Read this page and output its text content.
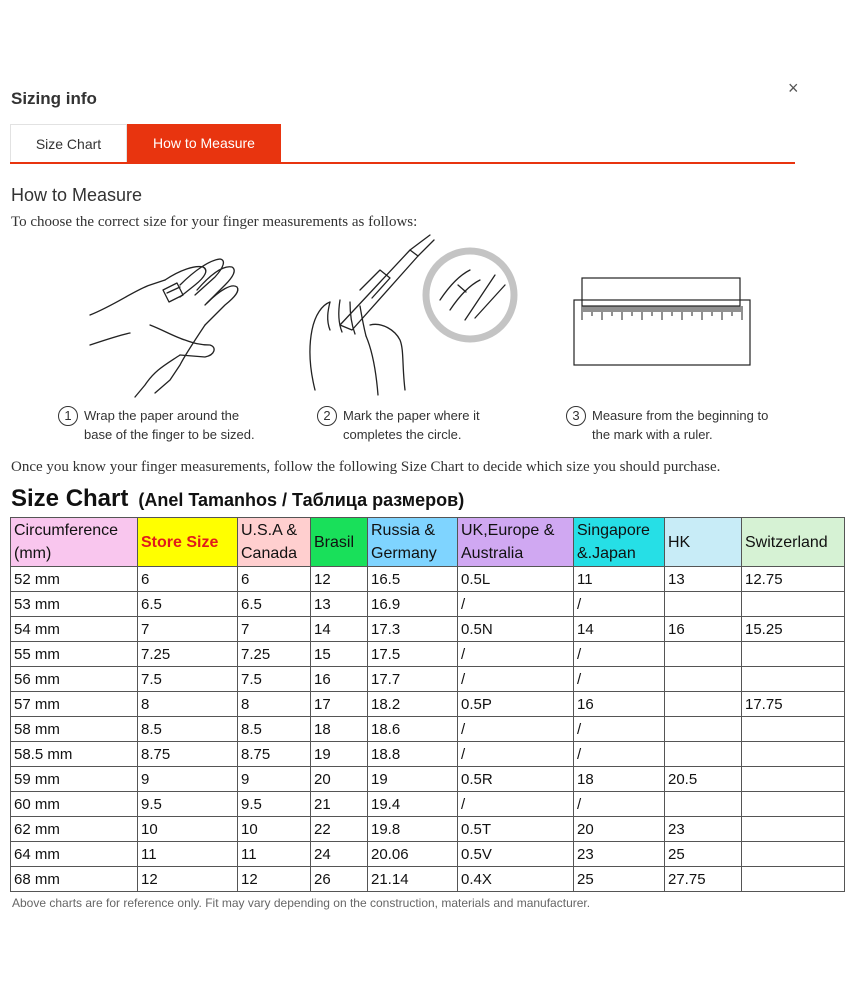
Sizing info
×
Size Chart	How to Measure
How to Measure
To choose the correct size for your finger measurements as follows:
1 Wrap the paper around the
base of the finger to be sized.
2 Mark the paper where it
completes the circle.
3 Measure from the beginning to
the mark with a ruler.
Once you know your finger measurements, follow the following Size Chart to decide which size you should purchase.
Size Chart (Anel Tamanhos / Таблица размеров)
Circumference
(mm)	Store Size	U.S.A &
Canada	Brasil	Russia &
Germany	UK,Europe &
Australia	Singapore
&.Japan	HK	Switzerland
52 mm	6	6	12	16.5	0.5L	11	13	12.75
53 mm	6.5	6.5	13	16.9	/	/		
54 mm	7	7	14	17.3	0.5N	14	16	15.25
55 mm	7.25	7.25	15	17.5	/	/		
56 mm	7.5	7.5	16	17.7	/	/		
57 mm	8	8	17	18.2	0.5P	16		17.75
58 mm	8.5	8.5	18	18.6	/	/		
58.5 mm	8.75	8.75	19	18.8	/	/		
59 mm	9	9	20	19	0.5R	18	20.5	
60 mm	9.5	9.5	21	19.4	/	/		
62 mm	10	10	22	19.8	0.5T	20	23	
64 mm	11	11	24	20.06	0.5V	23	25	
68 mm	12	12	26	21.14	0.4X	25	27.75	
Above charts are for reference only. Fit may vary depending on the construction, materials and manufacturer.
